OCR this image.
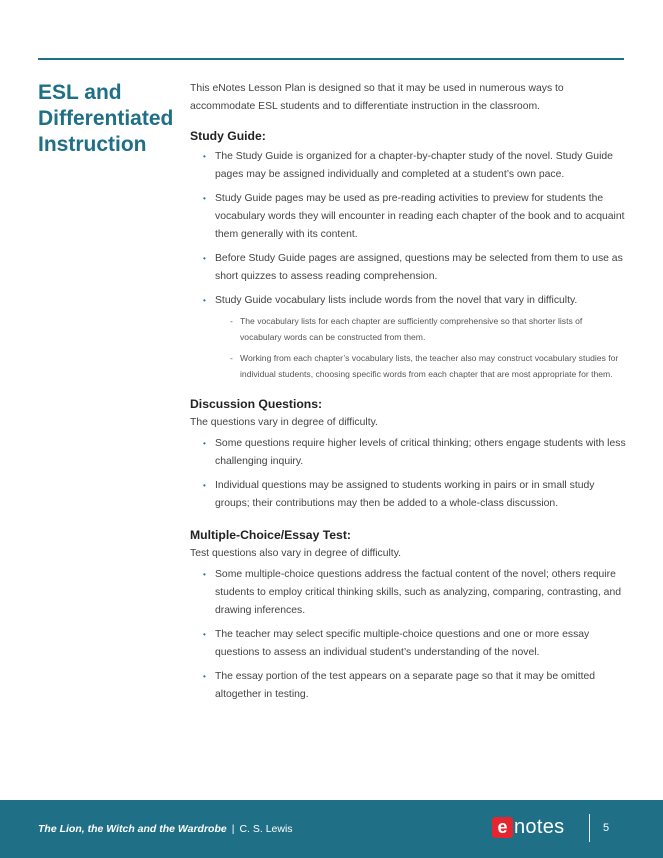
ESL and Differentiated Instruction

This eNotes Lesson Plan is designed so that it may be used in numerous ways to accommodate ESL students and to differentiate instruction in the classroom.

Study Guide:
• The Study Guide is organized for a chapter-by-chapter study of the novel. Study Guide pages may be assigned individually and completed at a student’s own pace.
• Study Guide pages may be used as pre-reading activities to preview for students the vocabulary words they will encounter in reading each chapter of the book and to acquaint them generally with its content.
• Before Study Guide pages are assigned, questions may be selected from them to use as short quizzes to assess reading comprehension.
• Study Guide vocabulary lists include words from the novel that vary in difficulty.
- The vocabulary lists for each chapter are sufficiently comprehensive so that shorter lists of vocabulary words can be constructed from them.
- Working from each chapter’s vocabulary lists, the teacher also may construct vocabulary studies for individual students, choosing specific words from each chapter that are most appropriate for them.
Discussion Questions:

The questions vary in degree of difficulty.

• Some questions require higher levels of critical thinking; others engage students with less challenging inquiry.
• Individual questions may be assigned to students working in pairs or in small study groups; their contributions may then be added to a whole-class discussion.
Multiple-Choice/Essay Test:

Test questions also vary in degree of difficulty.

• Some multiple-choice questions address the factual content of the novel; others require students to employ critical thinking skills, such as analyzing, comparing, contrasting, and drawing inferences.
• The teacher may select specific multiple-choice questions and one or more essay questions to assess an individual student’s understanding of the novel.
• The essay portion of the test appears on a separate page so that it may be omitted altogether in testing.
The Lion, the Witch and the Wardrobe | C. S. Lewis	e notes	5
